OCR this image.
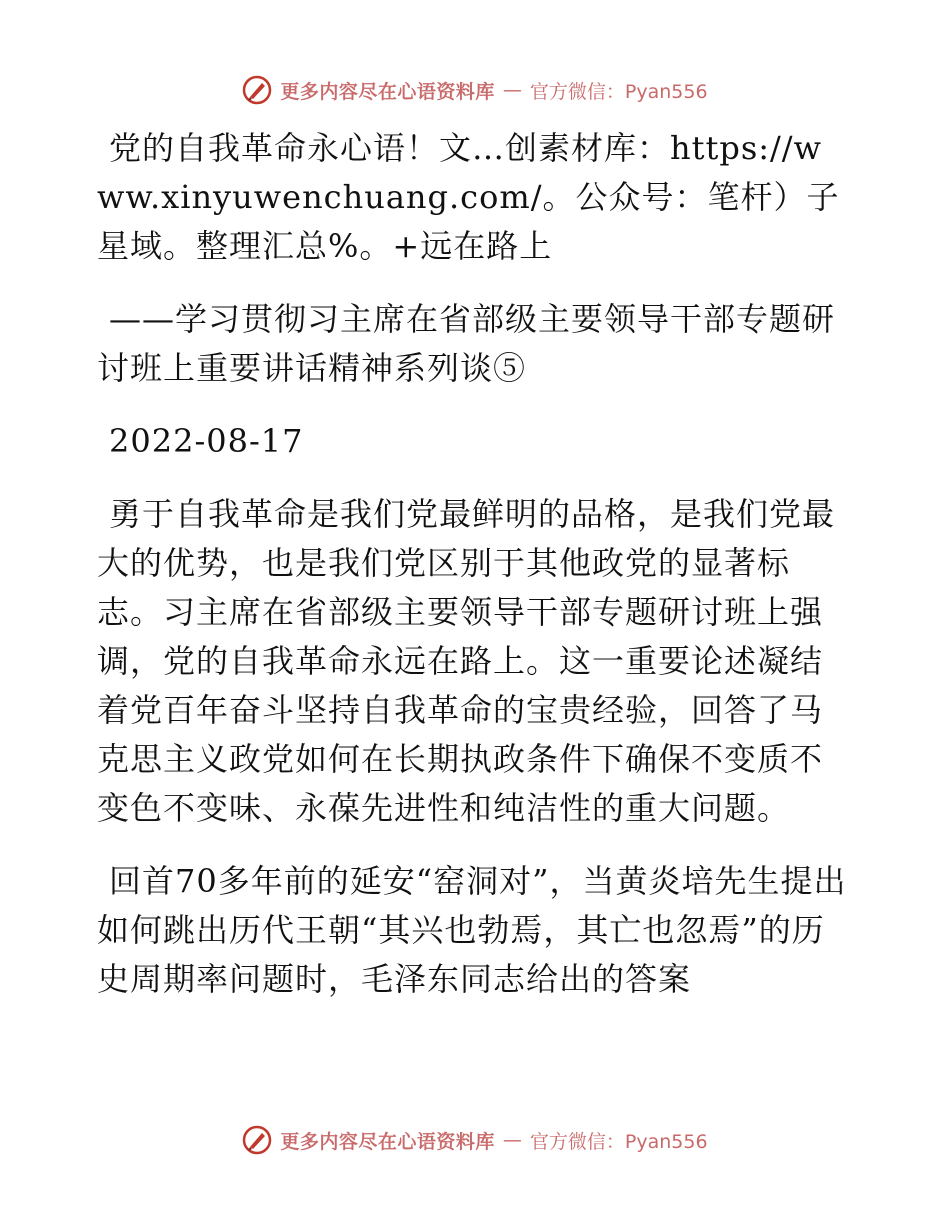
更多内容尽在心语资料库 — 官方微信：Pyan556

党的自我革命永心语！文…创素材库：https://www.xinyuwenchuang.com/。公众号：笔杆）子星域。整理汇总%。+远在路上

——学习贯彻习主席在省部级主要领导干部专题研讨班上重要讲话精神系列谈⑤

2022-08-17

勇于自我革命是我们党最鲜明的品格，是我们党最大的优势，也是我们党区别于其他政党的显著标志。习主席在省部级主要领导干部专题研讨班上强调，党的自我革命永远在路上。这一重要论述凝结着党百年奋斗坚持自我革命的宝贵经验，回答了马克思主义政党如何在长期执政条件下确保不变质不变色不变味、永葆先进性和纯洁性的重大问题。

回首70多年前的延安“窑洞对”，当黄炎培先生提出如何跳出历代王朝“其兴也勃焉，其亡也忽焉”的历史周期率问题时，毛泽东同志给出的答案

更多内容尽在心语资料库 — 官方微信：Pyan556
